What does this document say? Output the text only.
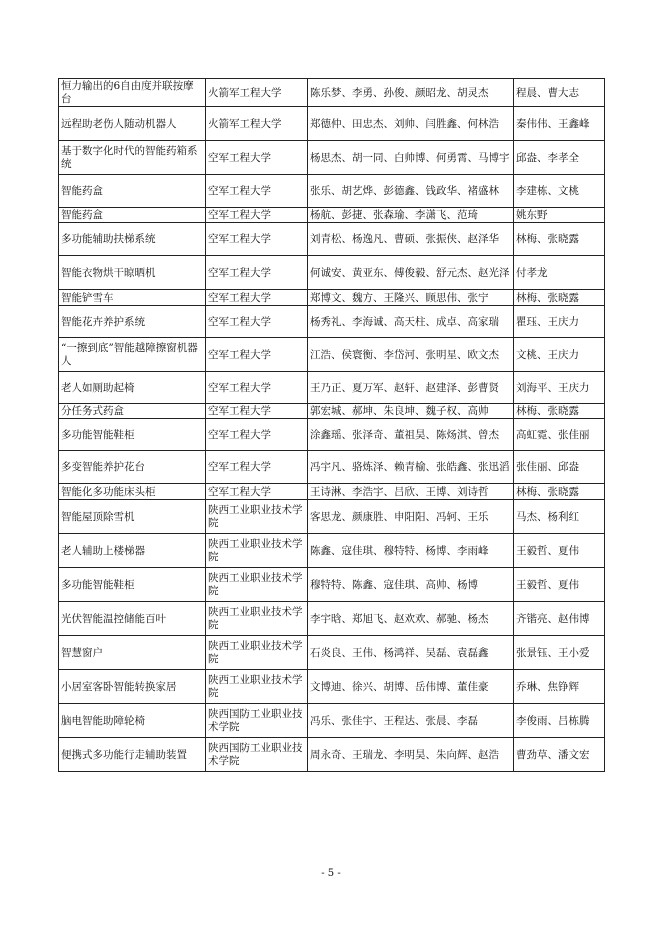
恒力输出的6自由度并联按摩台	火箭军工程大学	陈乐梦、李勇、孙俊、颜昭龙、胡灵杰	程晨、曹大志
远程助老伤人随动机器人	火箭军工程大学	郑德仲、田忠杰、刘帅、闫胜鑫、何林浩	秦伟伟、王鑫峰
基于数字化时代的智能药箱系统	空军工程大学	杨思杰、胡一同、白帅博、何勇霄、马博宇	邱盎、李孝全
智能药盒	空军工程大学	张乐、胡艺烨、彭德鑫、钱政华、褚盛林	李建栋、文桃
智能药盒	空军工程大学	杨航、彭捷、张森瑜、李潇飞、范琦	姚东野
多功能辅助扶梯系统	空军工程大学	刘青松、杨逸凡、曹硕、张振侠、赵泽华	林梅、张晓露
智能衣物烘干晾晒机	空军工程大学	何诚安、黄亚东、傅俊毅、舒元杰、赵光泽	付孝龙
智能铲雪车	空军工程大学	郑博文、魏方、王隆兴、顾思伟、张宁	林梅、张晓露
智能花卉养护系统	空军工程大学	杨秀礼、李海诚、高天柱、成卓、高家瑞	瞿珏、王庆力
“一擦到底”智能越障擦窗机器人	空军工程大学	江浩、侯寰衡、李岱河、张明星、欧文杰	文桃、王庆力
老人如厕助起椅	空军工程大学	王乃正、夏万军、赵轩、赵建泽、彭曹贤	刘海平、王庆力
分任务式药盒	空军工程大学	郭宏城、郝坤、朱良坤、魏子权、高帅	林梅、张晓露
多功能智能鞋柜	空军工程大学	涂鑫瑶、张泽奇、董祖昊、陈炀淇、曾杰	高虹霓、张佳丽
多变智能养护花台	空军工程大学	冯宇凡、骆炼泽、赖青榆、张皓鑫、张迅滔	张佳丽、邱盎
智能化多功能床头柜	空军工程大学	王诗淋、李浩宇、吕欣、王博、刘诗哲	林梅、张晓露
智能屋顶除雪机	陕西工业职业技术学院	客思龙、颜康胜、申阳阳、冯轲、王乐	马杰、杨利红
老人辅助上楼梯器	陕西工业职业技术学院	陈鑫、寇佳琪、穆特特、杨博、李雨峰	王毅哲、夏伟
多功能智能鞋柜	陕西工业职业技术学院	穆特特、陈鑫、寇佳琪、高帅、杨博	王毅哲、夏伟
光伏智能温控储能百叶	陕西工业职业技术学院	李宇晗、郑旭飞、赵欢欢、郝驰、杨杰	齐锴亮、赵伟博
智慧窗户	陕西工业职业技术学院	石炎良、王伟、杨鸿祥、吴磊、袁磊鑫	张景钰、王小爱
小居室客卧智能转换家居	陕西工业职业技术学院	文博迪、徐兴、胡博、岳伟博、董佳豪	乔琳、焦铮辉
脑电智能助障轮椅	陕西国防工业职业技术学院	冯乐、张佳宇、王程达、张晨、李磊	李俊雨、吕栋腾
便携式多功能行走辅助装置	陕西国防工业职业技术学院	周永奇、王瑞龙、李明昊、朱向辉、赵浩	曹劲草、潘文宏
- 5 -
